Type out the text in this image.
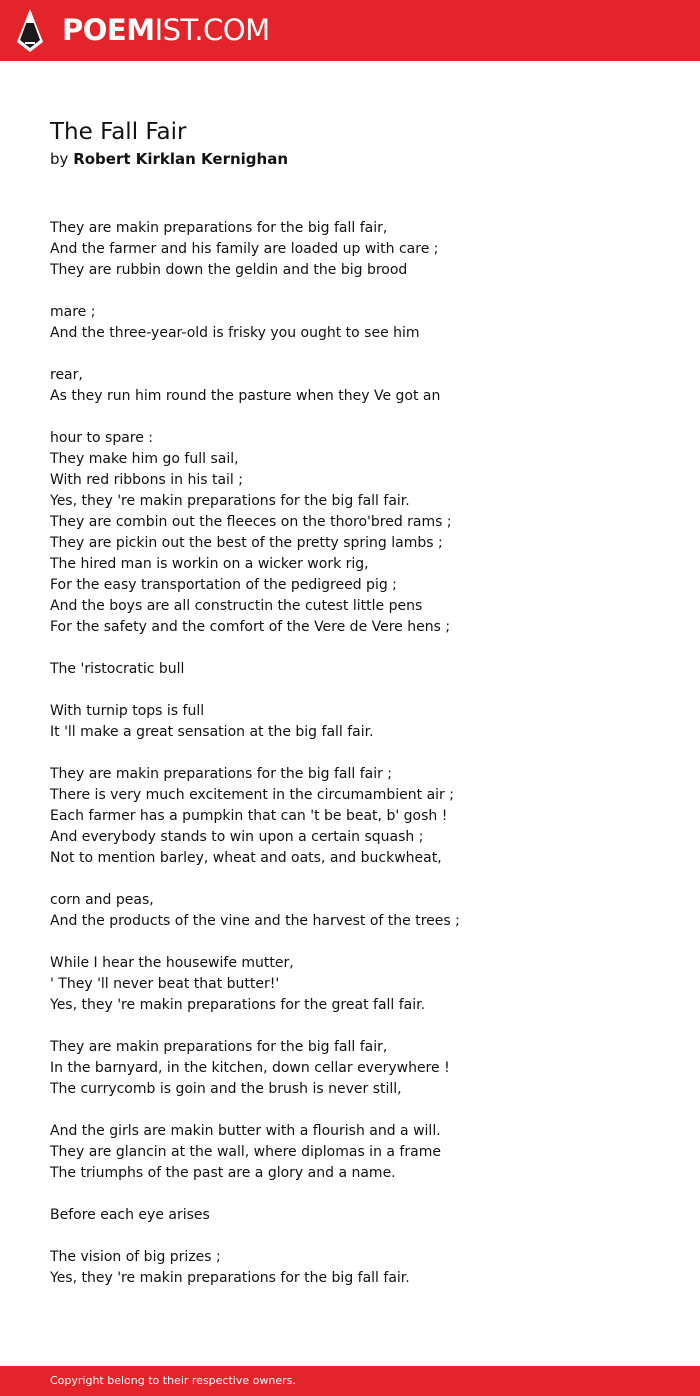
POEMIST.COM
The Fall Fair
by Robert Kirklan Kernighan
They are makin preparations for the big fall fair,
And the farmer and his family are loaded up with care ;
They are rubbin down the geldin and the big brood
mare ;
And the three-year-old is frisky you ought to see him
rear,
As they run him round the pasture when they Ve got an
hour to spare :
They make him go full sail,
With red ribbons in his tail ;
Yes, they 're makin preparations for the big fall fair.
They are combin out the fleeces on the thoro'bred rams ;
They are pickin out the best of the pretty spring lambs ;
The hired man is workin on a wicker work rig,
For the easy transportation of the pedigreed pig ;
And the boys are all constructin the cutest little pens
For the safety and the comfort of the Vere de Vere hens ;
The 'ristocratic bull
With turnip tops is full
It 'll make a great sensation at the big fall fair.
They are makin preparations for the big fall fair ;
There is very much excitement in the circumambient air ;
Each farmer has a pumpkin that can 't be beat, b' gosh !
And everybody stands to win upon a certain squash ;
Not to mention barley, wheat and oats, and buckwheat,
corn and peas,
And the products of the vine and the harvest of the trees ;
While I hear the housewife mutter,
' They 'll never beat that butter!'
Yes, they 're makin preparations for the great fall fair.
They are makin preparations for the big fall fair,
In the barnyard, in the kitchen, down cellar everywhere !
The currycomb is goin and the brush is never still,
And the girls are makin butter with a flourish and a will.
They are glancin at the wall, where diplomas in a frame
The triumphs of the past are a glory and a name.
Before each eye arises
The vision of big prizes ;
Yes, they 're makin preparations for the big fall fair.
Copyright belong to their respective owners.
